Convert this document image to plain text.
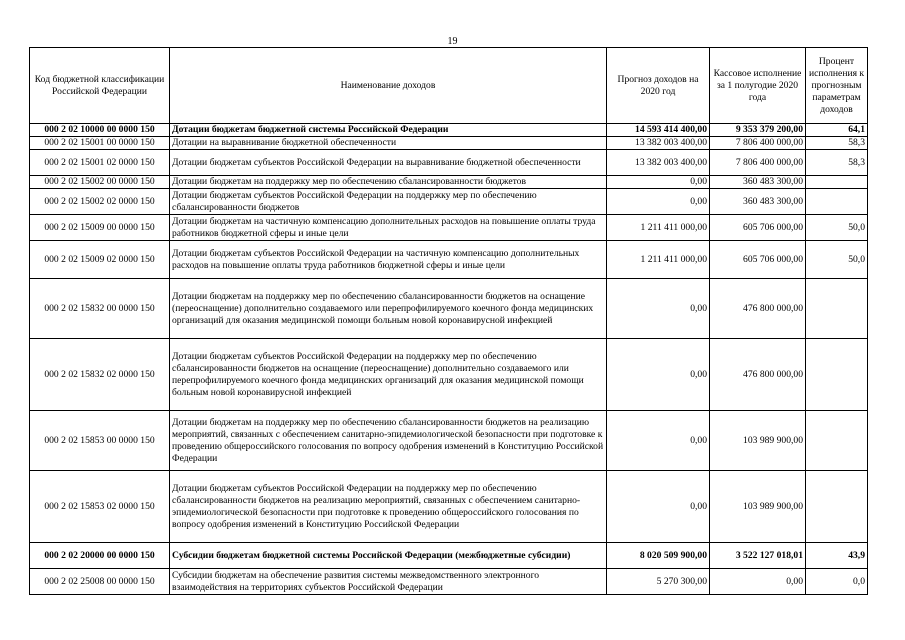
19
Код бюджетной классификации Российской Федерации	Наименование доходов	Прогноз доходов на 2020 год	Кассовое исполнение за 1 полугодие 2020 года	Процент исполнения к прогнозным параметрам доходов
000 2 02 10000 00 0000 150	Дотации бюджетам бюджетной системы Российской Федерации	14 593 414 400,00	9 353 379 200,00	64,1
000 2 02 15001 00 0000 150	Дотации на выравнивание бюджетной обеспеченности	13 382 003 400,00	7 806 400 000,00	58,3
000 2 02 15001 02 0000 150	Дотации бюджетам субъектов Российской Федерации на выравнивание бюджетной обеспеченности	13 382 003 400,00	7 806 400 000,00	58,3
000 2 02 15002 00 0000 150	Дотации бюджетам на поддержку мер по обеспечению сбалансированности бюджетов	0,00	360 483 300,00	
000 2 02 15002 02 0000 150	Дотации бюджетам субъектов Российской Федерации на поддержку мер по обеспечению сбалансированности бюджетов	0,00	360 483 300,00	
000 2 02 15009 00 0000 150	Дотации бюджетам на частичную компенсацию дополнительных расходов на повышение оплаты труда работников бюджетной сферы и иные цели	1 211 411 000,00	605 706 000,00	50,0
000 2 02 15009 02 0000 150	Дотации бюджетам субъектов Российской Федерации на частичную компенсацию дополнительных расходов на повышение оплаты труда работников бюджетной сферы и иные цели	1 211 411 000,00	605 706 000,00	50,0
000 2 02 15832 00 0000 150	Дотации бюджетам на поддержку мер по обеспечению сбалансированности бюджетов на оснащение (переоснащение) дополнительно создаваемого или перепрофилируемого коечного фонда медицинских организаций для оказания медицинской помощи больным новой коронавирусной инфекцией	0,00	476 800 000,00	
000 2 02 15832 02 0000 150	Дотации бюджетам субъектов Российской Федерации на поддержку мер по обеспечению сбалансированности бюджетов на оснащение (переоснащение) дополнительно создаваемого или перепрофилируемого коечного фонда медицинских организаций для оказания медицинской помощи больным новой коронавирусной инфекцией	0,00	476 800 000,00	
000 2 02 15853 00 0000 150	Дотации бюджетам на поддержку мер по обеспечению сбалансированности бюджетов на реализацию мероприятий, связанных с обеспечением санитарно-эпидемиологической безопасности при подготовке к проведению общероссийского голосования по вопросу одобрения изменений в Конституцию Российской Федерации	0,00	103 989 900,00	
000 2 02 15853 02 0000 150	Дотации бюджетам субъектов Российской Федерации на поддержку мер по обеспечению сбалансированности бюджетов на реализацию мероприятий, связанных с обеспечением санитарно-эпидемиологической безопасности при подготовке к проведению общероссийского голосования по вопросу одобрения изменений в Конституцию Российской Федерации	0,00	103 989 900,00	
000 2 02 20000 00 0000 150	Субсидии бюджетам бюджетной системы Российской Федерации (межбюджетные субсидии)	8 020 509 900,00	3 522 127 018,01	43,9
000 2 02 25008 00 0000 150	Субсидии бюджетам на обеспечение развития системы межведомственного электронного взаимодействия на территориях субъектов Российской Федерации	5 270 300,00	0,00	0,0
